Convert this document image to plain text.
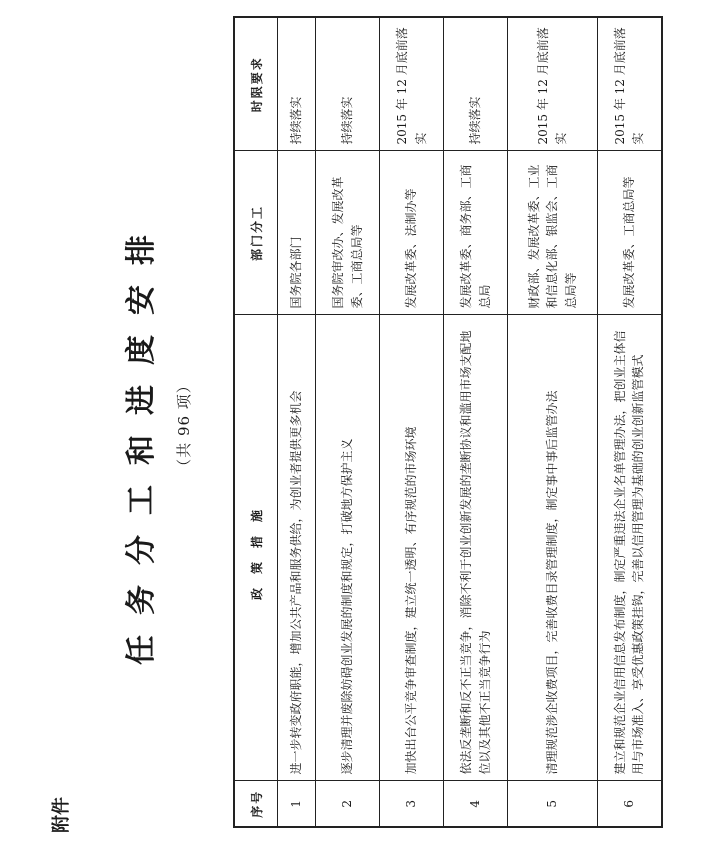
附件
任务分工和进度安排 （共 96 项）
序号	政策措施	部门分工	时限要求
1	进一步转变政府职能，增加公共产品和服务供给，为创业者提供更多机会	国务院各部门	持续落实
2	逐步清理并废除妨碍创业发展的制度和规定，打破地方保护主义	国务院审改办、发展改革委、工商总局等	持续落实
3	加快出台公平竞争审查制度，建立统一透明、有序规范的市场环境	发展改革委、法制办等	2015 年 12 月底前落实
4	依法反垄断和反不正当竞争，消除不利于创业创新发展的垄断协议和滥用市场支配地位以及其他不正当竞争行为	发展改革委、商务部、工商总局	持续落实
5	清理规范涉企收费项目，完善收费目录管理制度，制定事中事后监管办法	财政部、发展改革委、工业和信息化部、银监会、工商总局等	2015 年 12 月底前落实
6	建立和规范企业信用信息发布制度，制定严重违法企业名单管理办法，把创业主体信用与市场准入、享受优惠政策挂钩，完善以信用管理为基础的创业创新监管模式	发展改革委、工商总局等	2015 年 12 月底前落实
